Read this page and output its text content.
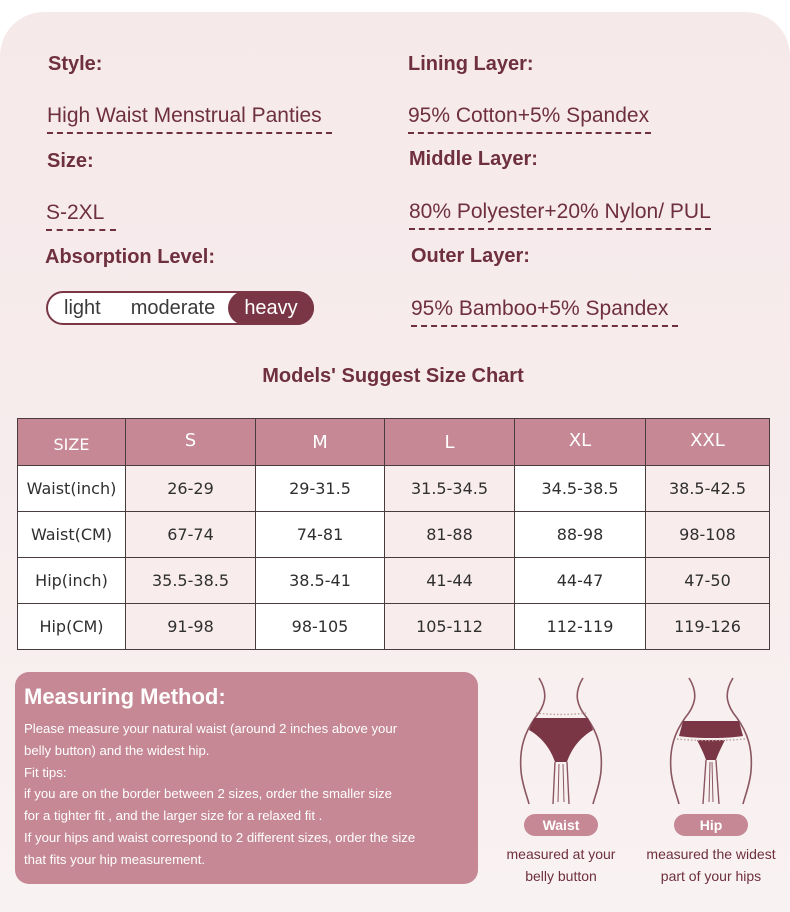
Style:
High Waist Menstrual Panties
Size:
S-2XL
Absorption Level:
light	moderate	heavy
Lining Layer:
95% Cotton+5% Spandex
Middle Layer:
80% Polyester+20% Nylon/ PUL
Outer Layer:
95% Bamboo+5% Spandex
Models' Suggest Size Chart
SIZE	S	M	L	XL	XXL
Waist(inch)	26-29	29-31.5	31.5-34.5	34.5-38.5	38.5-42.5
Waist(CM)	67-74	74-81	81-88	88-98	98-108
Hip(inch)	35.5-38.5	38.5-41	41-44	44-47	47-50
Hip(CM)	91-98	98-105	105-112	112-119	119-126
Measuring Method:

Please measure your natural waist (around 2 inches above your

belly button) and the widest hip.

Fit tips:

if you are on the border between 2 sizes, order the smaller size

for a tighter fit , and the larger size for a relaxed fit .

If your hips and waist correspond to 2 different sizes, order the size

that fits your hip measurement.

Waist
measured at your
belly button
Hip
measured the widest
part of your hips
